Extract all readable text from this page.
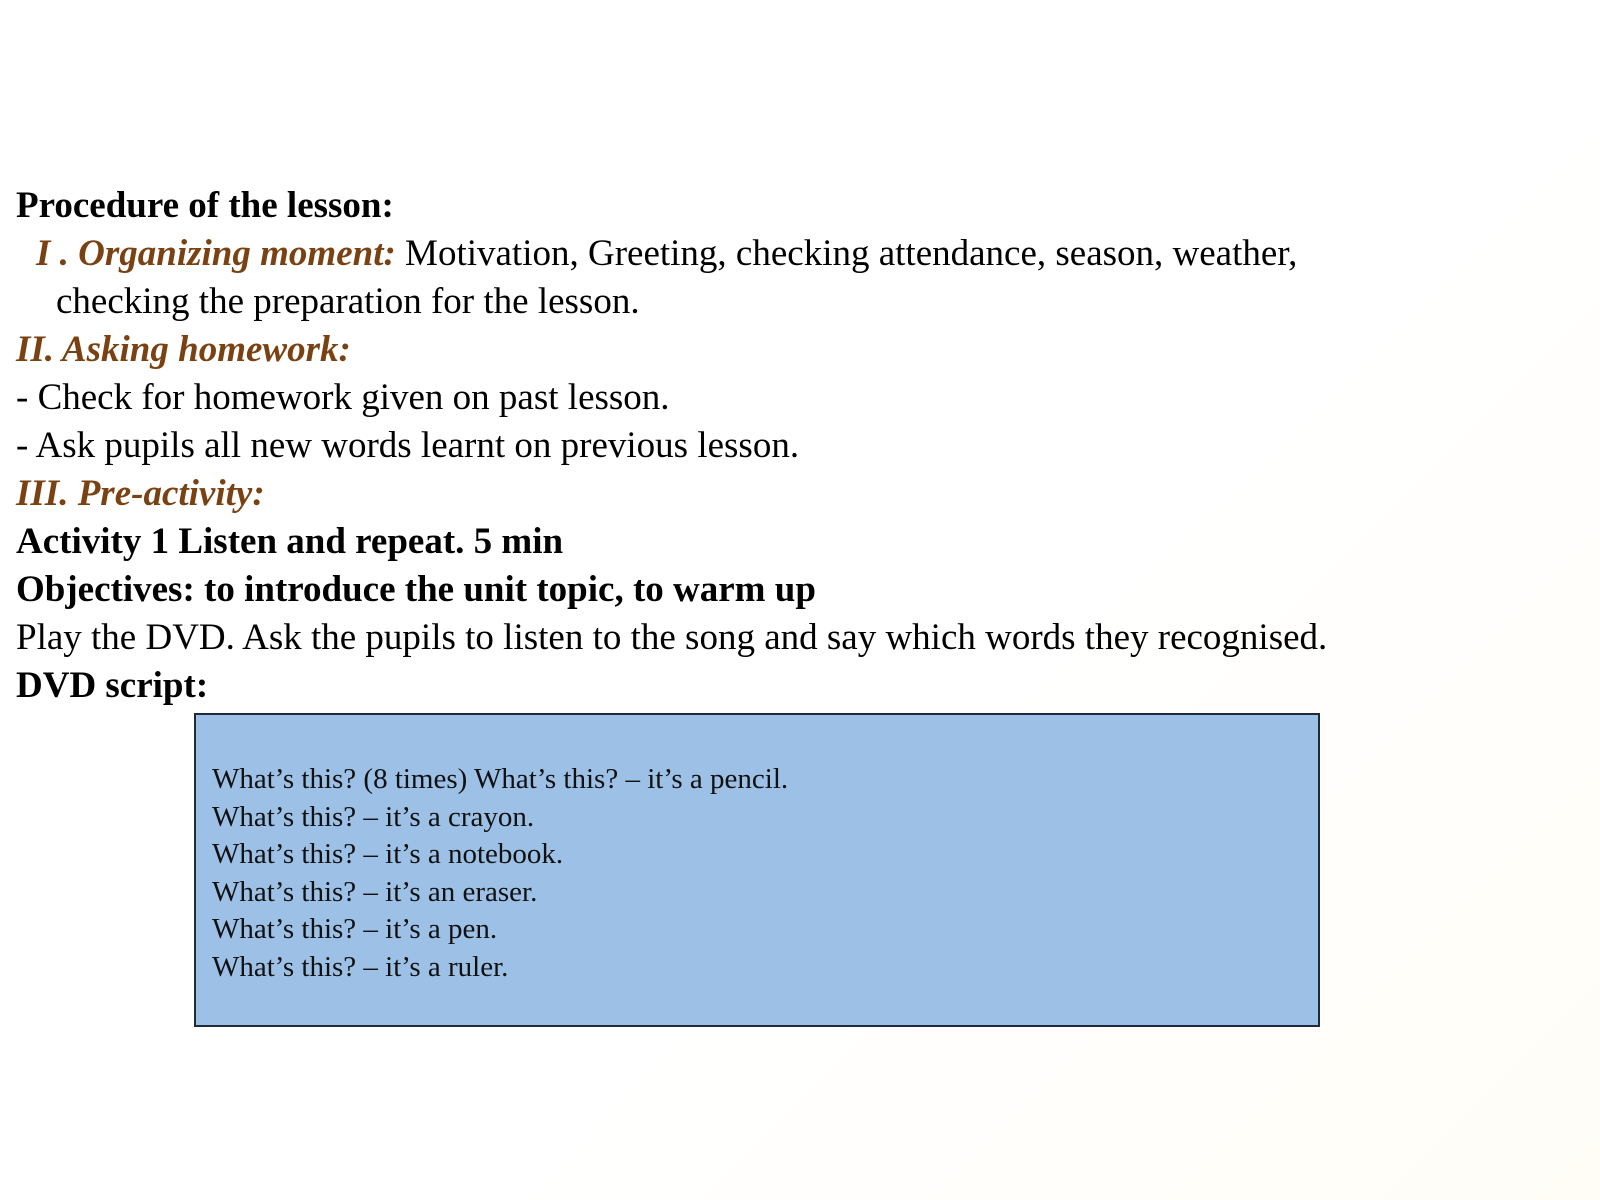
Procedure of the lesson:

I . Organizing moment: Motivation, Greeting, checking attendance, season, weather,

checking the preparation for the lesson.

II. Asking homework:

- Check for homework given on past lesson.

- Ask pupils all new words learnt on previous lesson.

III. Pre-activity:

Activity 1 Listen and repeat. 5 min

Objectives: to introduce the unit topic, to warm up

Play the DVD. Ask the pupils to listen to the song and say which words they recognised.

DVD script:

What’s this? (8 times) What’s this? – it’s a pencil.
What’s this? – it’s a crayon.
What’s this? – it’s a notebook.
What’s this? – it’s an eraser.
What’s this? – it’s a pen.
What’s this? – it’s a ruler.
